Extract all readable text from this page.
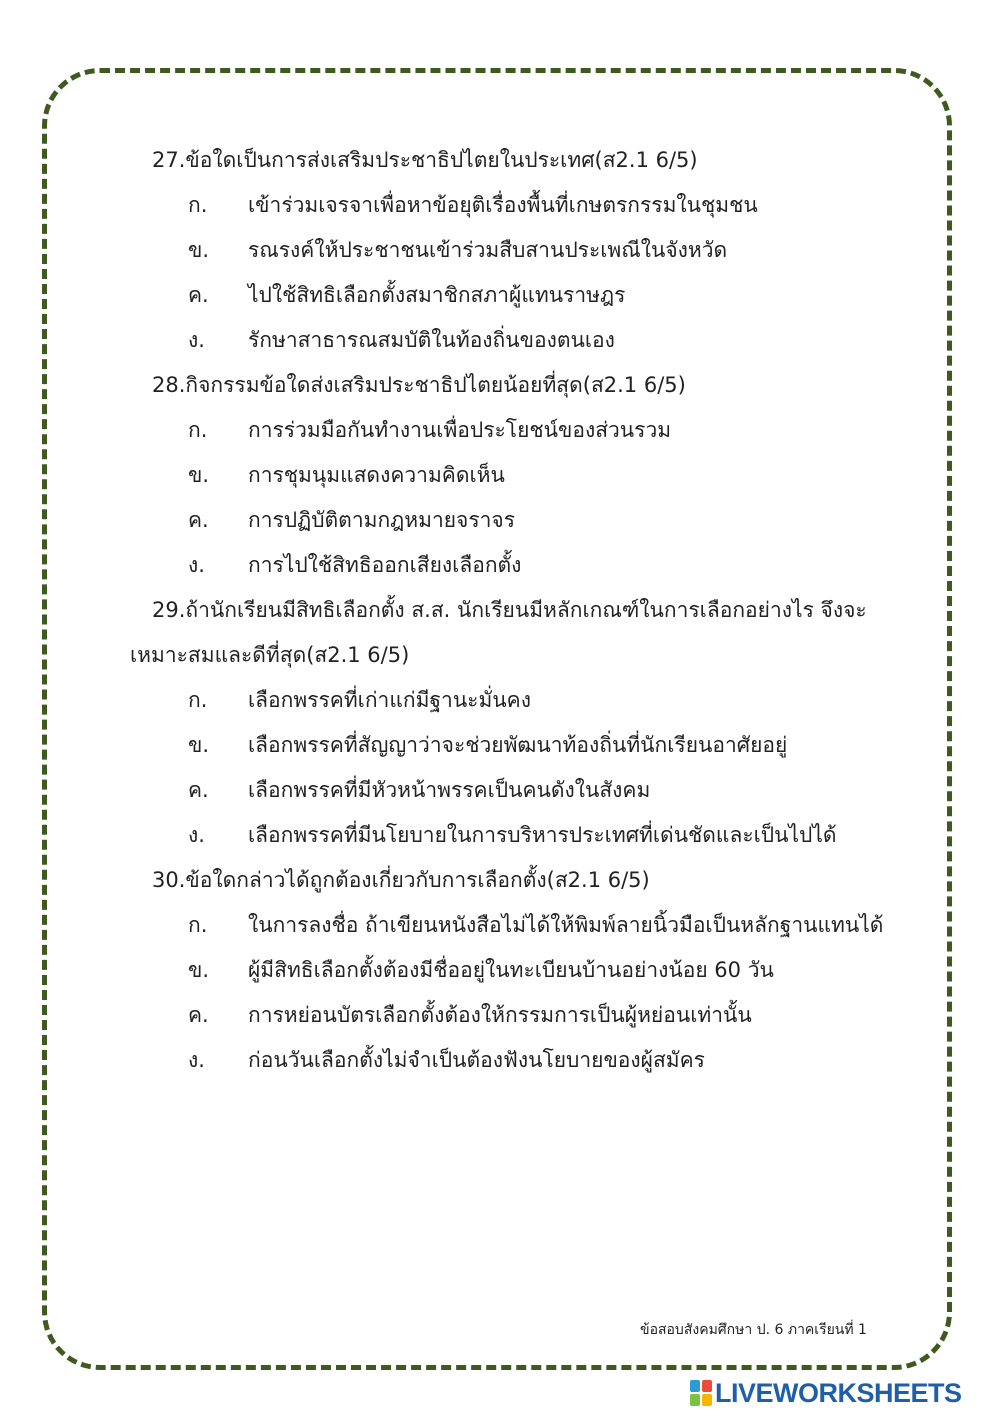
27.ข้อใดเป็นการส่งเสริมประชาธิปไตยในประเทศ(ส2.1 6/5)
ก. เข้าร่วมเจรจาเพื่อหาข้อยุติเรื่องพื้นที่เกษตรกรรมในชุมชน
ข. รณรงค์ให้ประชาชนเข้าร่วมสืบสานประเพณีในจังหวัด
ค. ไปใช้สิทธิเลือกตั้งสมาชิกสภาผู้แทนราษฎร
ง. รักษาสาธารณสมบัติในท้องถิ่นของตนเอง
28.กิจกรรมข้อใดส่งเสริมประชาธิปไตยน้อยที่สุด(ส2.1 6/5)
ก. การร่วมมือกันทำงานเพื่อประโยชน์ของส่วนรวม
ข. การชุมนุมแสดงความคิดเห็น
ค. การปฏิบัติตามกฎหมายจราจร
ง. การไปใช้สิทธิออกเสียงเลือกตั้ง
29.ถ้านักเรียนมีสิทธิเลือกตั้ง ส.ส. นักเรียนมีหลักเกณฑ์ในการเลือกอย่างไร จึงจะ
เหมาะสมและดีที่สุด(ส2.1 6/5)
ก. เลือกพรรคที่เก่าแก่มีฐานะมั่นคง
ข. เลือกพรรคที่สัญญาว่าจะช่วยพัฒนาท้องถิ่นที่นักเรียนอาศัยอยู่
ค. เลือกพรรคที่มีหัวหน้าพรรคเป็นคนดังในสังคม
ง. เลือกพรรคที่มีนโยบายในการบริหารประเทศที่เด่นชัดและเป็นไปได้
30.ข้อใดกล่าวได้ถูกต้องเกี่ยวกับการเลือกตั้ง(ส2.1 6/5)
ก. ในการลงชื่อ ถ้าเขียนหนังสือไม่ได้ให้พิมพ์ลายนิ้วมือเป็นหลักฐานแทนได้
ข. ผู้มีสิทธิเลือกตั้งต้องมีชื่ออยู่ในทะเบียนบ้านอย่างน้อย 60 วัน
ค. การหย่อนบัตรเลือกตั้งต้องให้กรรมการเป็นผู้หย่อนเท่านั้น
ง. ก่อนวันเลือกตั้งไม่จำเป็นต้องฟังนโยบายของผู้สมัคร
ข้อสอบสังคมศึกษา ป. 6 ภาคเรียนที่ 1
LIVEWORKSHEETS
